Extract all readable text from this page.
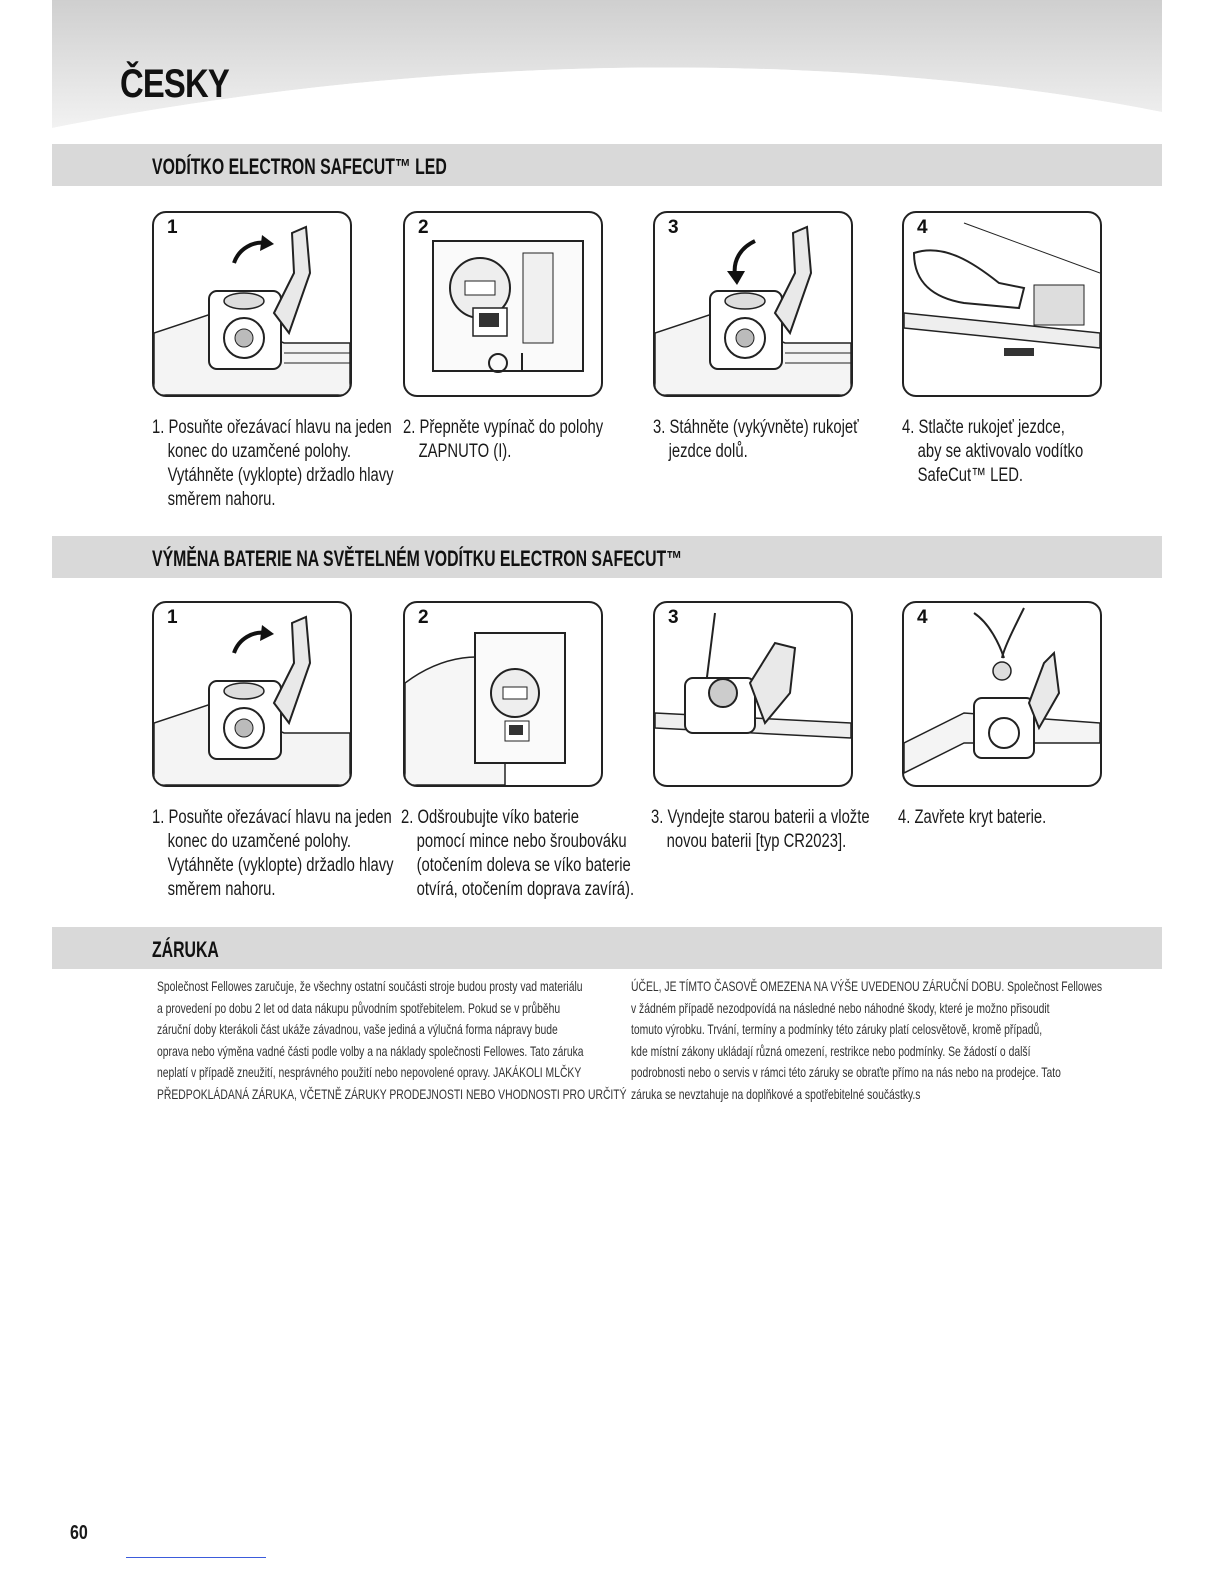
ČESKY
VODÍTKO ELECTRON SAFECUT™ LED
1	2	3	4
1. Posuňte ořezávací hlavu na jeden
konec do uzamčené polohy.
Vytáhněte (vyklopte) držadlo hlavy
směrem nahoru.
2. Přepněte vypínač do polohy
ZAPNUTO (I).
3. Stáhněte (vykývněte) rukojeť
jezdce dolů.
4. Stlačte rukojeť jezdce,
aby se aktivovalo vodítko
SafeCut™ LED.
VÝMĚNA BATERIE NA SVĚTELNÉM VODÍTKU ELECTRON SAFECUT™
1	2	3	4
1. Posuňte ořezávací hlavu na jeden
konec do uzamčené polohy.
Vytáhněte (vyklopte) držadlo hlavy
směrem nahoru.
2. Odšroubujte víko baterie
pomocí mince nebo šroubováku
(otočením doleva se víko baterie
otvírá, otočením doprava zavírá).
3. Vyndejte starou baterii a vložte
novou baterii [typ CR2023].
4. Zavřete kryt baterie.
ZÁRUKA
Společnost Fellowes zaručuje, že všechny ostatní součásti stroje budou prosty vad materiálu
a provedení po dobu 2 let od data nákupu původním spotřebitelem. Pokud se v průběhu
záruční doby kterákoli část ukáže závadnou, vaše jediná a výlučná forma nápravy bude
oprava nebo výměna vadné části podle volby a na náklady společnosti Fellowes. Tato záruka
neplatí v případě zneužití, nesprávného použití nebo nepovolené opravy. JAKÁKOLI MLČKY
PŘEDPOKLÁDANÁ ZÁRUKA, VČETNĚ ZÁRUKY PRODEJNOSTI NEBO VHODNOSTI PRO URČITÝ
ÚČEL, JE TÍMTO ČASOVĚ OMEZENA NA VÝŠE UVEDENOU ZÁRUČNÍ DOBU. Společnost Fellowes
v žádném případě nezodpovídá na následné nebo náhodné škody, které je možno přisoudit
tomuto výrobku. Trvání, termíny a podmínky této záruky platí celosvětově, kromě případů,
kde místní zákony ukládají různá omezení, restrikce nebo podmínky. Se žádostí o další
podrobnosti nebo o servis v rámci této záruky se obraťte přímo na nás nebo na prodejce. Tato
záruka se nevztahuje na doplňkové a spotřebitelné součástky.s
60
